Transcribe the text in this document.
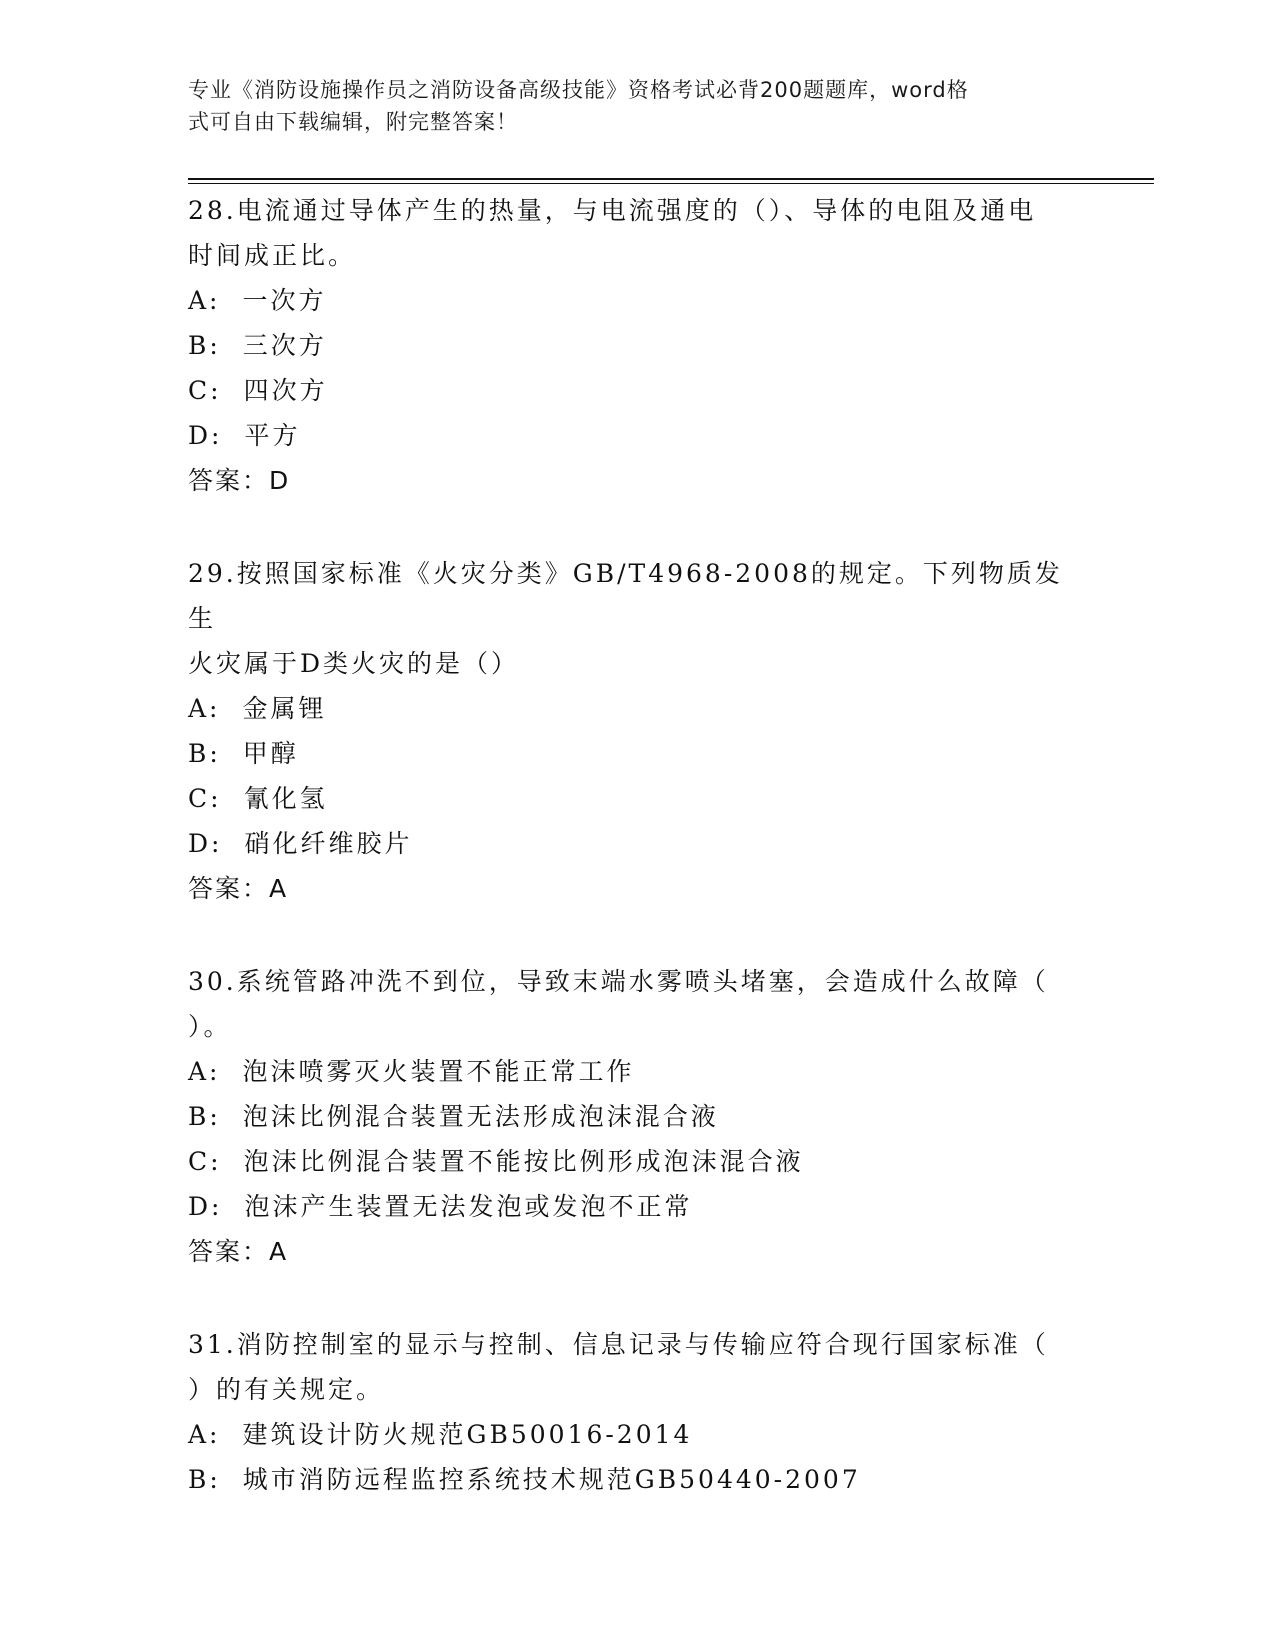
专业《消防设施操作员之消防设备高级技能》资格考试必背200题题库，word格
式可自由下载编辑，附完整答案！

28.电流通过导体产生的热量，与电流强度的（）、导体的电阻及通电
时间成正比。

A: 一次方

B: 三次方

C: 四次方

D: 平方

答案：D

29.按照国家标准《火灾分类》GB/T4968-2008的规定。下列物质发生
火灾属于D类火灾的是（）

A: 金属锂

B: 甲醇

C: 氰化氢

D: 硝化纤维胶片

答案：A

30.系统管路冲洗不到位，导致末端水雾喷头堵塞，会造成什么故障（
）。

A: 泡沫喷雾灭火装置不能正常工作

B: 泡沫比例混合装置无法形成泡沫混合液

C: 泡沫比例混合装置不能按比例形成泡沫混合液

D: 泡沫产生装置无法发泡或发泡不正常

答案：A

31.消防控制室的显示与控制、信息记录与传输应符合现行国家标准（
）的有关规定。

A: 建筑设计防火规范GB50016-2014

B: 城市消防远程监控系统技术规范GB50440-2007
